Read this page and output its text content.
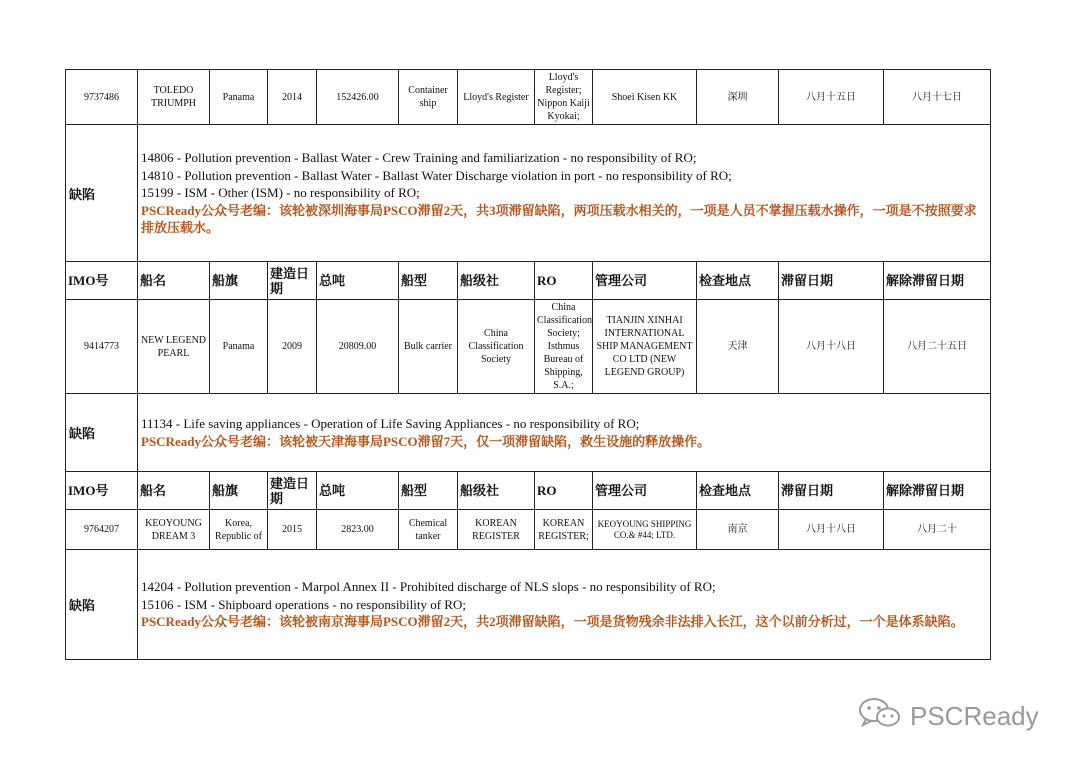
9737486	TOLEDO TRIUMPH	Panama	2014	152426.00	Container ship	Lloyd's Register	Lloyd's Register; Nippon Kaiji Kyokai;	Shoei Kisen KK	深圳	八月十五日	八月十七日
缺陷	14806 - Pollution prevention - Ballast Water - Crew Training and familiarization - no responsibility of RO;
14810 - Pollution prevention - Ballast Water - Ballast Water Discharge violation in port - no responsibility of RO;
15199 - ISM - Other (ISM) - no responsibility of RO;
PSCReady公众号老编：该轮被深圳海事局PSCO滞留2天，共3项滞留缺陷，两项压载水相关的，一项是人员不掌握压载水操作，一项是不按照要求排放压载水。										

IMO号	船名	船旗	建造日期	总吨	船型	船级社	RO	管理公司	检查地点	滞留日期	解除滞留日期
9414773	NEW LEGEND PEARL	Panama	2009	20809.00	Bulk carrier	China Classification Society	China Classification Society; Isthmus Bureau of Shipping, S.A.;	TIANJIN XINHAI INTERNATIONAL SHIP MANAGEMENT CO LTD (NEW LEGEND GROUP)	天津	八月十八日	八月二十五日
缺陷	11134 - Life saving appliances - Operation of Life Saving Appliances - no responsibility of RO;
PSCReady公众号老编：该轮被天津海事局PSCO滞留7天，仅一项滞留缺陷，救生设施的释放操作。										

IMO号	船名	船旗	建造日期	总吨	船型	船级社	RO	管理公司	检查地点	滞留日期	解除滞留日期
9764207	KEOYOUNG DREAM 3	Korea, Republic of	2015	2823.00	Chemical tanker	KOREAN REGISTER	KOREAN REGISTER;	KEOYOUNG SHIPPING CO.& #44; LTD.	南京	八月十八日	八月二十
缺陷	14204 - Pollution prevention - Marpol Annex II - Prohibited discharge of NLS slops - no responsibility of RO;
15106 - ISM - Shipboard operations - no responsibility of RO;
PSCReady公众号老编：该轮被南京海事局PSCO滞留2天，共2项滞留缺陷，一项是货物残余非法排入长江，这个以前分析过，一个是体系缺陷。										
PSCReady
